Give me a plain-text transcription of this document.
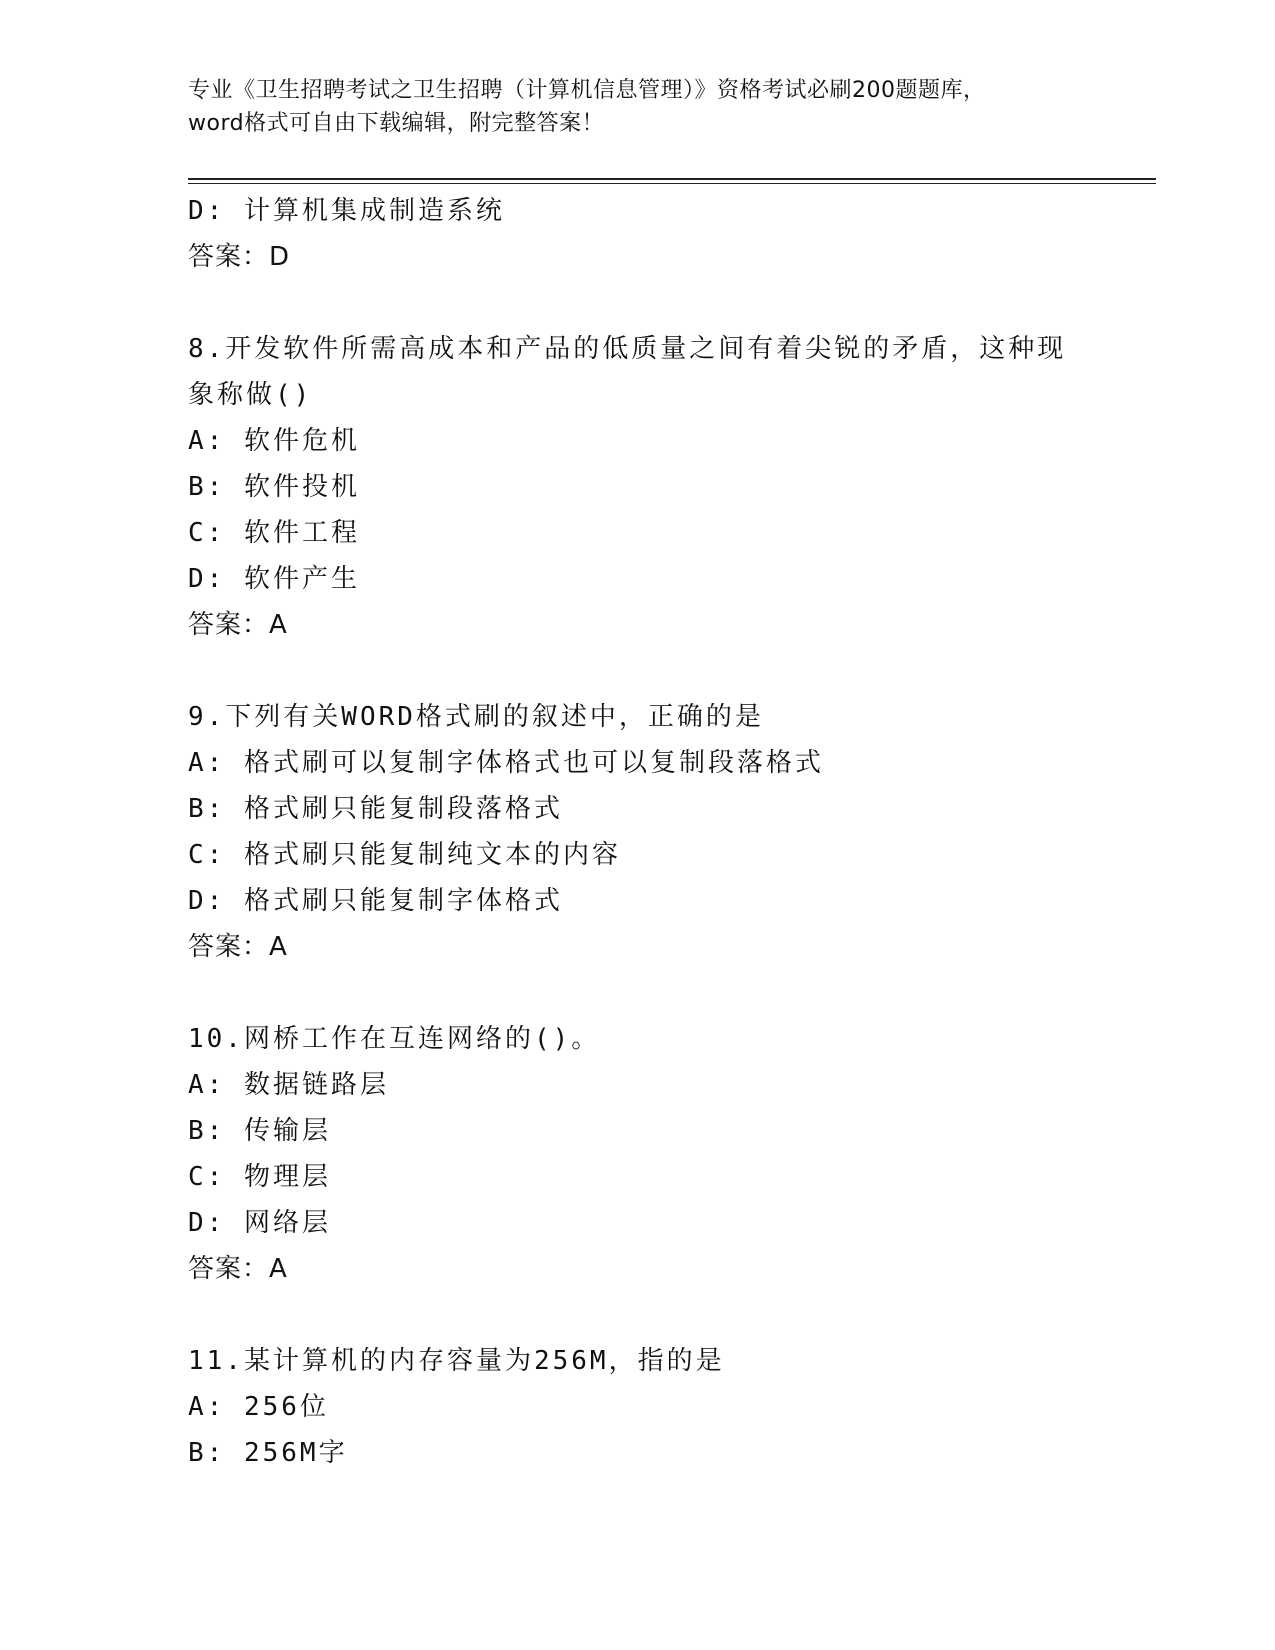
专业《卫生招聘考试之卫生招聘（计算机信息管理）》资格考试必刷200题题库，
word格式可自由下载编辑，附完整答案！
D: 计算机集成制造系统
答案：D
8.开发软件所需高成本和产品的低质量之间有着尖锐的矛盾，这种现
象称做()
A: 软件危机
B: 软件投机
C: 软件工程
D: 软件产生
答案：A
9.下列有关WORD格式刷的叙述中，正确的是
A: 格式刷可以复制字体格式也可以复制段落格式
B: 格式刷只能复制段落格式
C: 格式刷只能复制纯文本的内容
D: 格式刷只能复制字体格式
答案：A
10.网桥工作在互连网络的()。
A: 数据链路层
B: 传输层
C: 物理层
D: 网络层
答案：A
11.某计算机的内存容量为256M，指的是
A: 256位
B: 256M字
